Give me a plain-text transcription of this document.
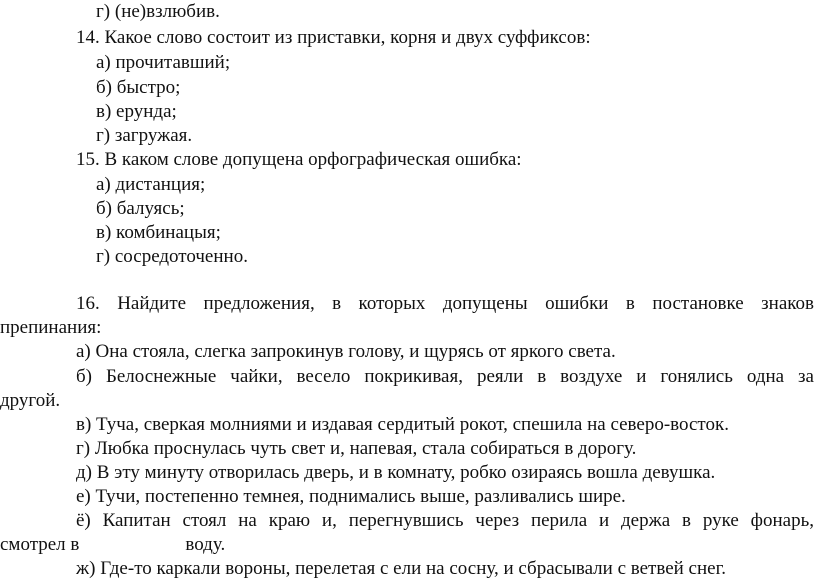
г) (не)взлюбив.
14. Какое слово состоит из приставки, корня и двух суффиксов:
а) прочитавший;
б) быстро;
в) ерунда;
г) загружая.
15. В каком слове допущена орфографическая ошибка:
а) дистанция;
б) балуясь;
в) комбинацыя;
г) сосредоточенно.
16. Найдите предложения, в которых допущены ошибки в постановке знаков
препинания:
а) Она стояла, слегка запрокинув голову, и щурясь от яркого света.
б) Белоснежные чайки, весело покрикивая, реяли в воздухе и гонялись одна за
другой.
в) Туча, сверкая молниями и издавая сердитый рокот, спешила на северо-восток.
г) Любка проснулась чуть свет и, напевая, стала собираться в дорогу.
д) В эту минуту отворилась дверь, и в комнату, робко озираясь вошла девушка.
е) Тучи, постепенно темнея, поднимались выше, разливались шире.
ё) Капитан стоял на краю и, перегнувшись через перила и держа в руке фонарь,
смотрел в	воду.
ж) Где-то каркали вороны, перелетая с ели на сосну, и сбрасывали с ветвей снег.
